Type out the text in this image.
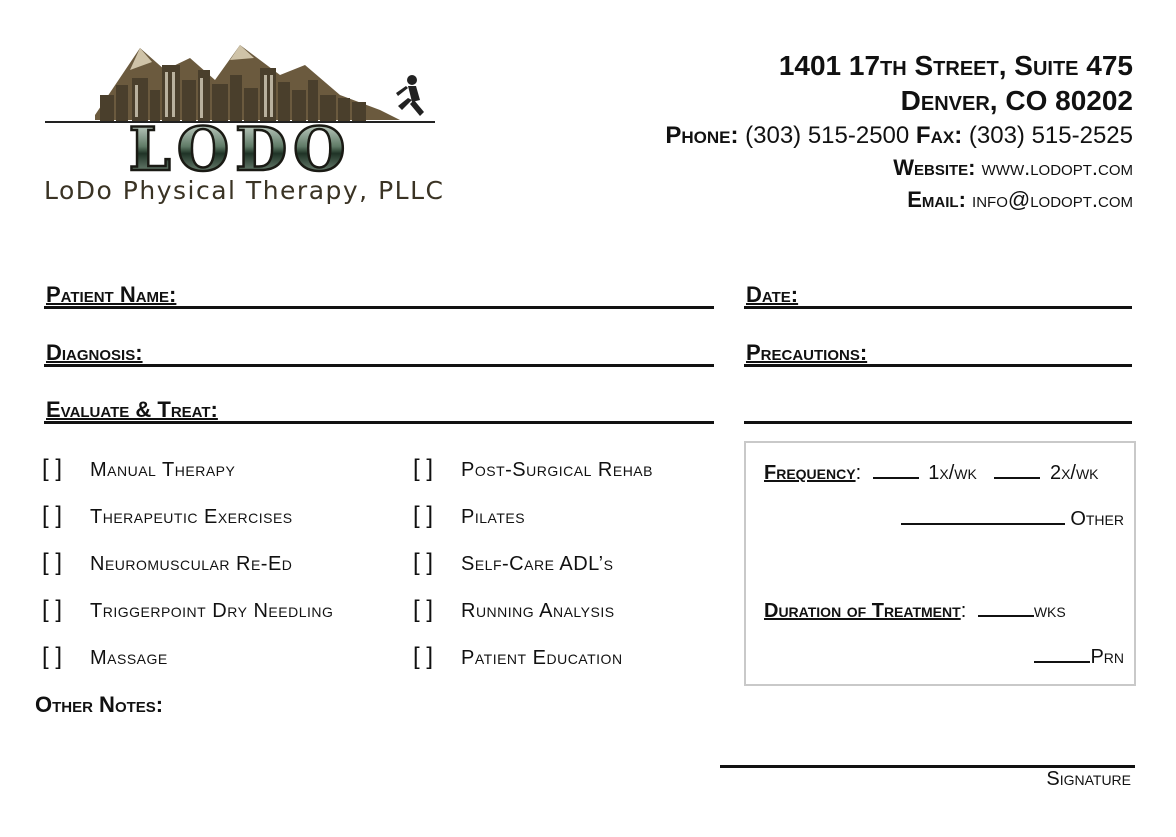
LODO
LoDo Physical Therapy, PLLC
1401 17th Street, Suite 475
Denver, CO 80202
Phone: (303) 515-2500 Fax: (303) 515-2525
Website: www.lodopt.com
Email: info@lodopt.com
Patient Name:	Date:
Diagnosis:	Precautions:
Evaluate & Treat:
[ ] Manual Therapy
[ ] Therapeutic Exercises
[ ] Neuromuscular Re-Ed
[ ] Triggerpoint Dry Needling
[ ] Massage
[ ] Post-Surgical Rehab
[ ] Pilates
[ ] Self-Care ADL’s
[ ] Running Analysis
[ ] Patient Education
Frequency:	1x/wk	2x/wk
Other
Duration of Treatment:	wks
Prn
Other Notes:
Signature
